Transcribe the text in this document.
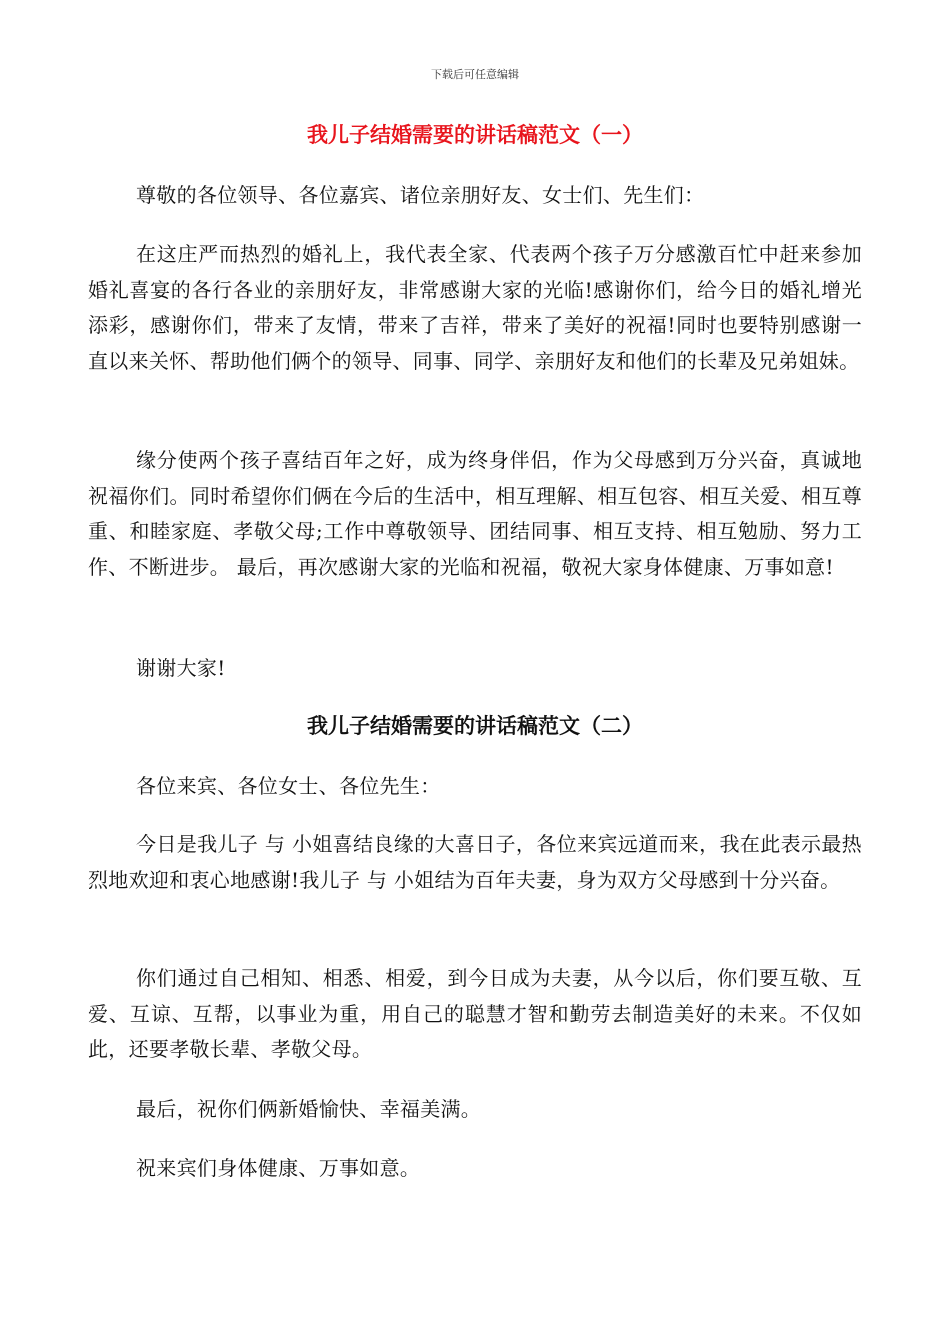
下载后可任意编辑
我儿子结婚需要的讲话稿范文（一）

尊敬的各位领导、各位嘉宾、诸位亲朋好友、女士们、先生们：

在这庄严而热烈的婚礼上，我代表全家、代表两个孩子万分感激百忙中赶来参加婚礼喜宴的各行各业的亲朋好友，非常感谢大家的光临!感谢你们，给今日的婚礼增光添彩，感谢你们，带来了友情，带来了吉祥，带来了美好的祝福!同时也要特别感谢一直以来关怀、帮助他们俩个的领导、同事、同学、亲朋好友和他们的长辈及兄弟姐妹。

缘分使两个孩子喜结百年之好，成为终身伴侣，作为父母感到万分兴奋，真诚地祝福你们。同时希望你们俩在今后的生活中，相互理解、相互包容、相互关爱、相互尊重、和睦家庭、孝敬父母;工作中尊敬领导、团结同事、相互支持、相互勉励、努力工作、不断进步。 最后，再次感谢大家的光临和祝福，敬祝大家身体健康、万事如意!

谢谢大家!

我儿子结婚需要的讲话稿范文（二）

各位来宾、各位女士、各位先生：

今日是我儿子 与 小姐喜结良缘的大喜日子，各位来宾远道而来，我在此表示最热烈地欢迎和衷心地感谢!我儿子 与 小姐结为百年夫妻，身为双方父母感到十分兴奋。

你们通过自己相知、相悉、相爱，到今日成为夫妻，从今以后，你们要互敬、互爱、互谅、互帮，以事业为重，用自己的聪慧才智和勤劳去制造美好的未来。不仅如此，还要孝敬长辈、孝敬父母。

最后，祝你们俩新婚愉快、幸福美满。

祝来宾们身体健康、万事如意。
